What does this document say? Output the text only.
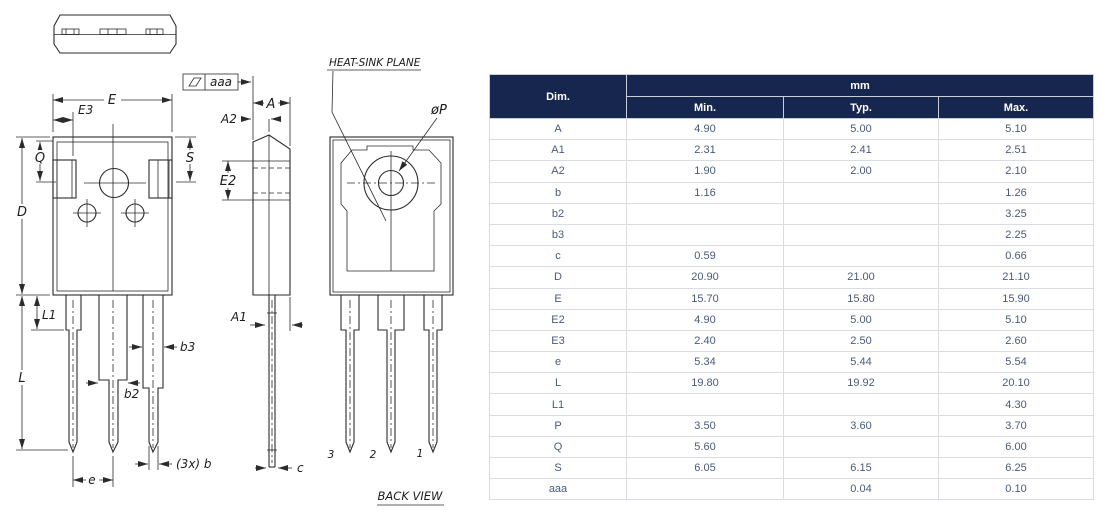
E
E3
Q	S
D
L
L1
b3
b2
(3x) b
e
aaa
A
A2
E2
A1
c
HEAT-SINK PLANE
øP
3	2	1
BACK VIEW
Dim.	mm		
	Min.	Typ.	Max.
A	4.90	5.00	5.10
A1	2.31	2.41	2.51
A2	1.90	2.00	2.10
b	1.16		1.26
b2			3.25
b3			2.25
c	0.59		0.66
D	20.90	21.00	21.10
E	15.70	15.80	15.90
E2	4.90	5.00	5.10
E3	2.40	2.50	2.60
e	5.34	5.44	5.54
L	19.80	19.92	20.10
L1			4.30
P	3.50	3.60	3.70
Q	5.60		6.00
S	6.05	6.15	6.25
aaa		0.04	0.10
